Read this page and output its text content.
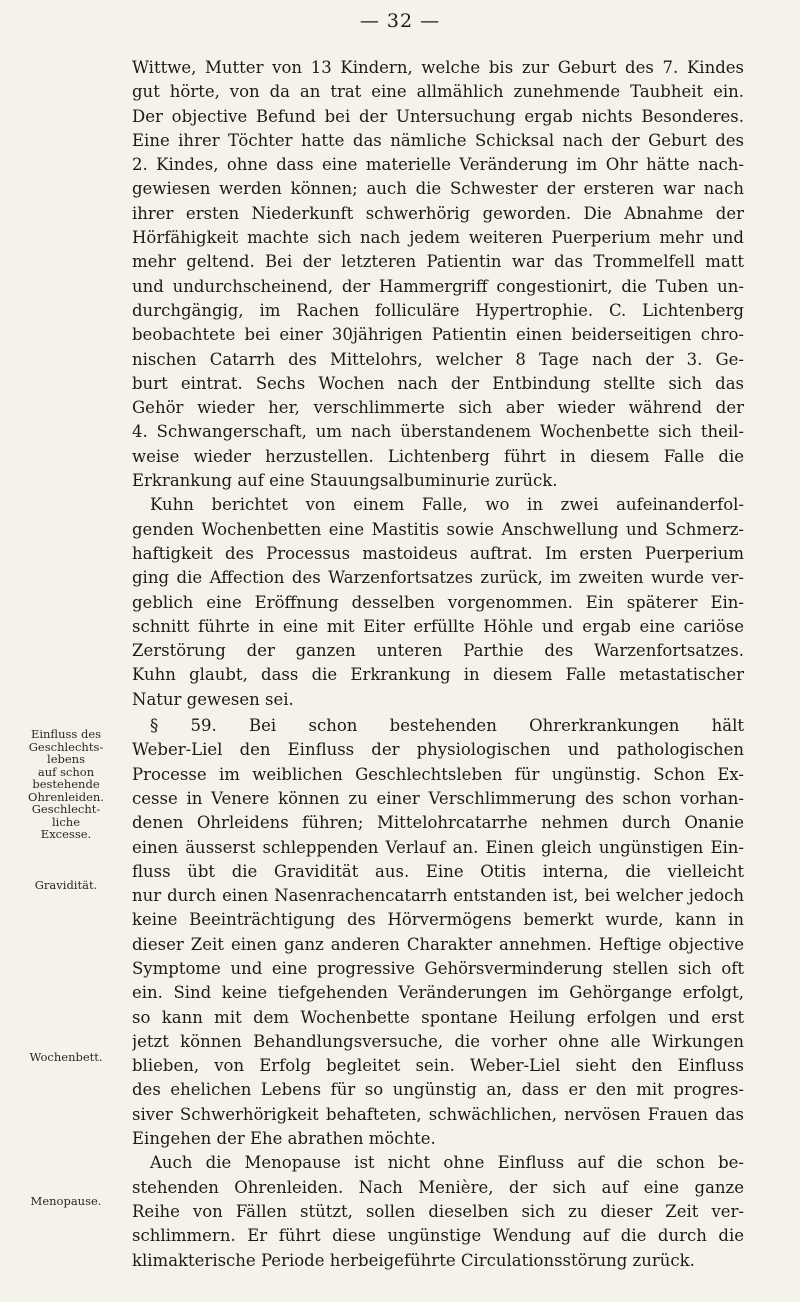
— 32 —
Einfluss des
Geschlechts-
lebens
auf schon
bestehende
Ohrenleiden.
Geschlecht-
liche
Excesse.
Gravidität.
Wochenbett.
Menopause.
Wittwe, Mutter von 13 Kindern, welche bis zur Geburt des 7. Kindes
gut hörte, von da an trat eine allmählich zunehmende Taubheit ein.
Der objective Befund bei der Untersuchung ergab nichts Besonderes.
Eine ihrer Töchter hatte das nämliche Schicksal nach der Geburt des
2. Kindes, ohne dass eine materielle Veränderung im Ohr hätte nach-
gewiesen werden können; auch die Schwester der ersteren war nach
ihrer ersten Niederkunft schwerhörig geworden. Die Abnahme der
Hörfähigkeit machte sich nach jedem weiteren Puerperium mehr und
mehr geltend. Bei der letzteren Patientin war das Trommelfell matt
und undurchscheinend, der Hammergriff congestionirt, die Tuben un-
durchgängig, im Rachen folliculäre Hypertrophie. C. Lichtenberg
beobachtete bei einer 30jährigen Patientin einen beiderseitigen chro-
nischen Catarrh des Mittelohrs, welcher 8 Tage nach der 3. Ge-
burt eintrat. Sechs Wochen nach der Entbindung stellte sich das
Gehör wieder her, verschlimmerte sich aber wieder während der
4. Schwangerschaft, um nach überstandenem Wochenbette sich theil-
weise wieder herzustellen. Lichtenberg führt in diesem Falle die
Erkrankung auf eine Stauungsalbuminurie zurück.
Kuhn berichtet von einem Falle, wo in zwei aufeinanderfol-
genden Wochenbetten eine Mastitis sowie Anschwellung und Schmerz-
haftigkeit des Processus mastoideus auftrat. Im ersten Puerperium
ging die Affection des Warzenfortsatzes zurück, im zweiten wurde ver-
geblich eine Eröffnung desselben vorgenommen. Ein späterer Ein-
schnitt führte in eine mit Eiter erfüllte Höhle und ergab eine cariöse
Zerstörung der ganzen unteren Parthie des Warzenfortsatzes.
Kuhn glaubt, dass die Erkrankung in diesem Falle metastatischer
Natur gewesen sei.
§ 59. Bei schon bestehenden Ohrerkrankungen hält
Weber-Liel den Einfluss der physiologischen und pathologischen
Processe im weiblichen Geschlechtsleben für ungünstig. Schon Ex-
cesse in Venere können zu einer Verschlimmerung des schon vorhan-
denen Ohrleidens führen; Mittelohrcatarrhe nehmen durch Onanie
einen äusserst schleppenden Verlauf an. Einen gleich ungünstigen Ein-
fluss übt die Gravidität aus. Eine Otitis interna, die vielleicht
nur durch einen Nasenrachencatarrh entstanden ist, bei welcher jedoch
keine Beeinträchtigung des Hörvermögens bemerkt wurde, kann in
dieser Zeit einen ganz anderen Charakter annehmen. Heftige objective
Symptome und eine progressive Gehörsverminderung stellen sich oft
ein. Sind keine tiefgehenden Veränderungen im Gehörgange erfolgt,
so kann mit dem Wochenbette spontane Heilung erfolgen und erst
jetzt können Behandlungsversuche, die vorher ohne alle Wirkungen
blieben, von Erfolg begleitet sein. Weber-Liel sieht den Einfluss
des ehelichen Lebens für so ungünstig an, dass er den mit progres-
siver Schwerhörigkeit behafteten, schwächlichen, nervösen Frauen das
Eingehen der Ehe abrathen möchte.
Auch die Menopause ist nicht ohne Einfluss auf die schon be-
stehenden Ohrenleiden. Nach Menière, der sich auf eine ganze
Reihe von Fällen stützt, sollen dieselben sich zu dieser Zeit ver-
schlimmern. Er führt diese ungünstige Wendung auf die durch die
klimakterische Periode herbeigeführte Circulationsstörung zurück.
